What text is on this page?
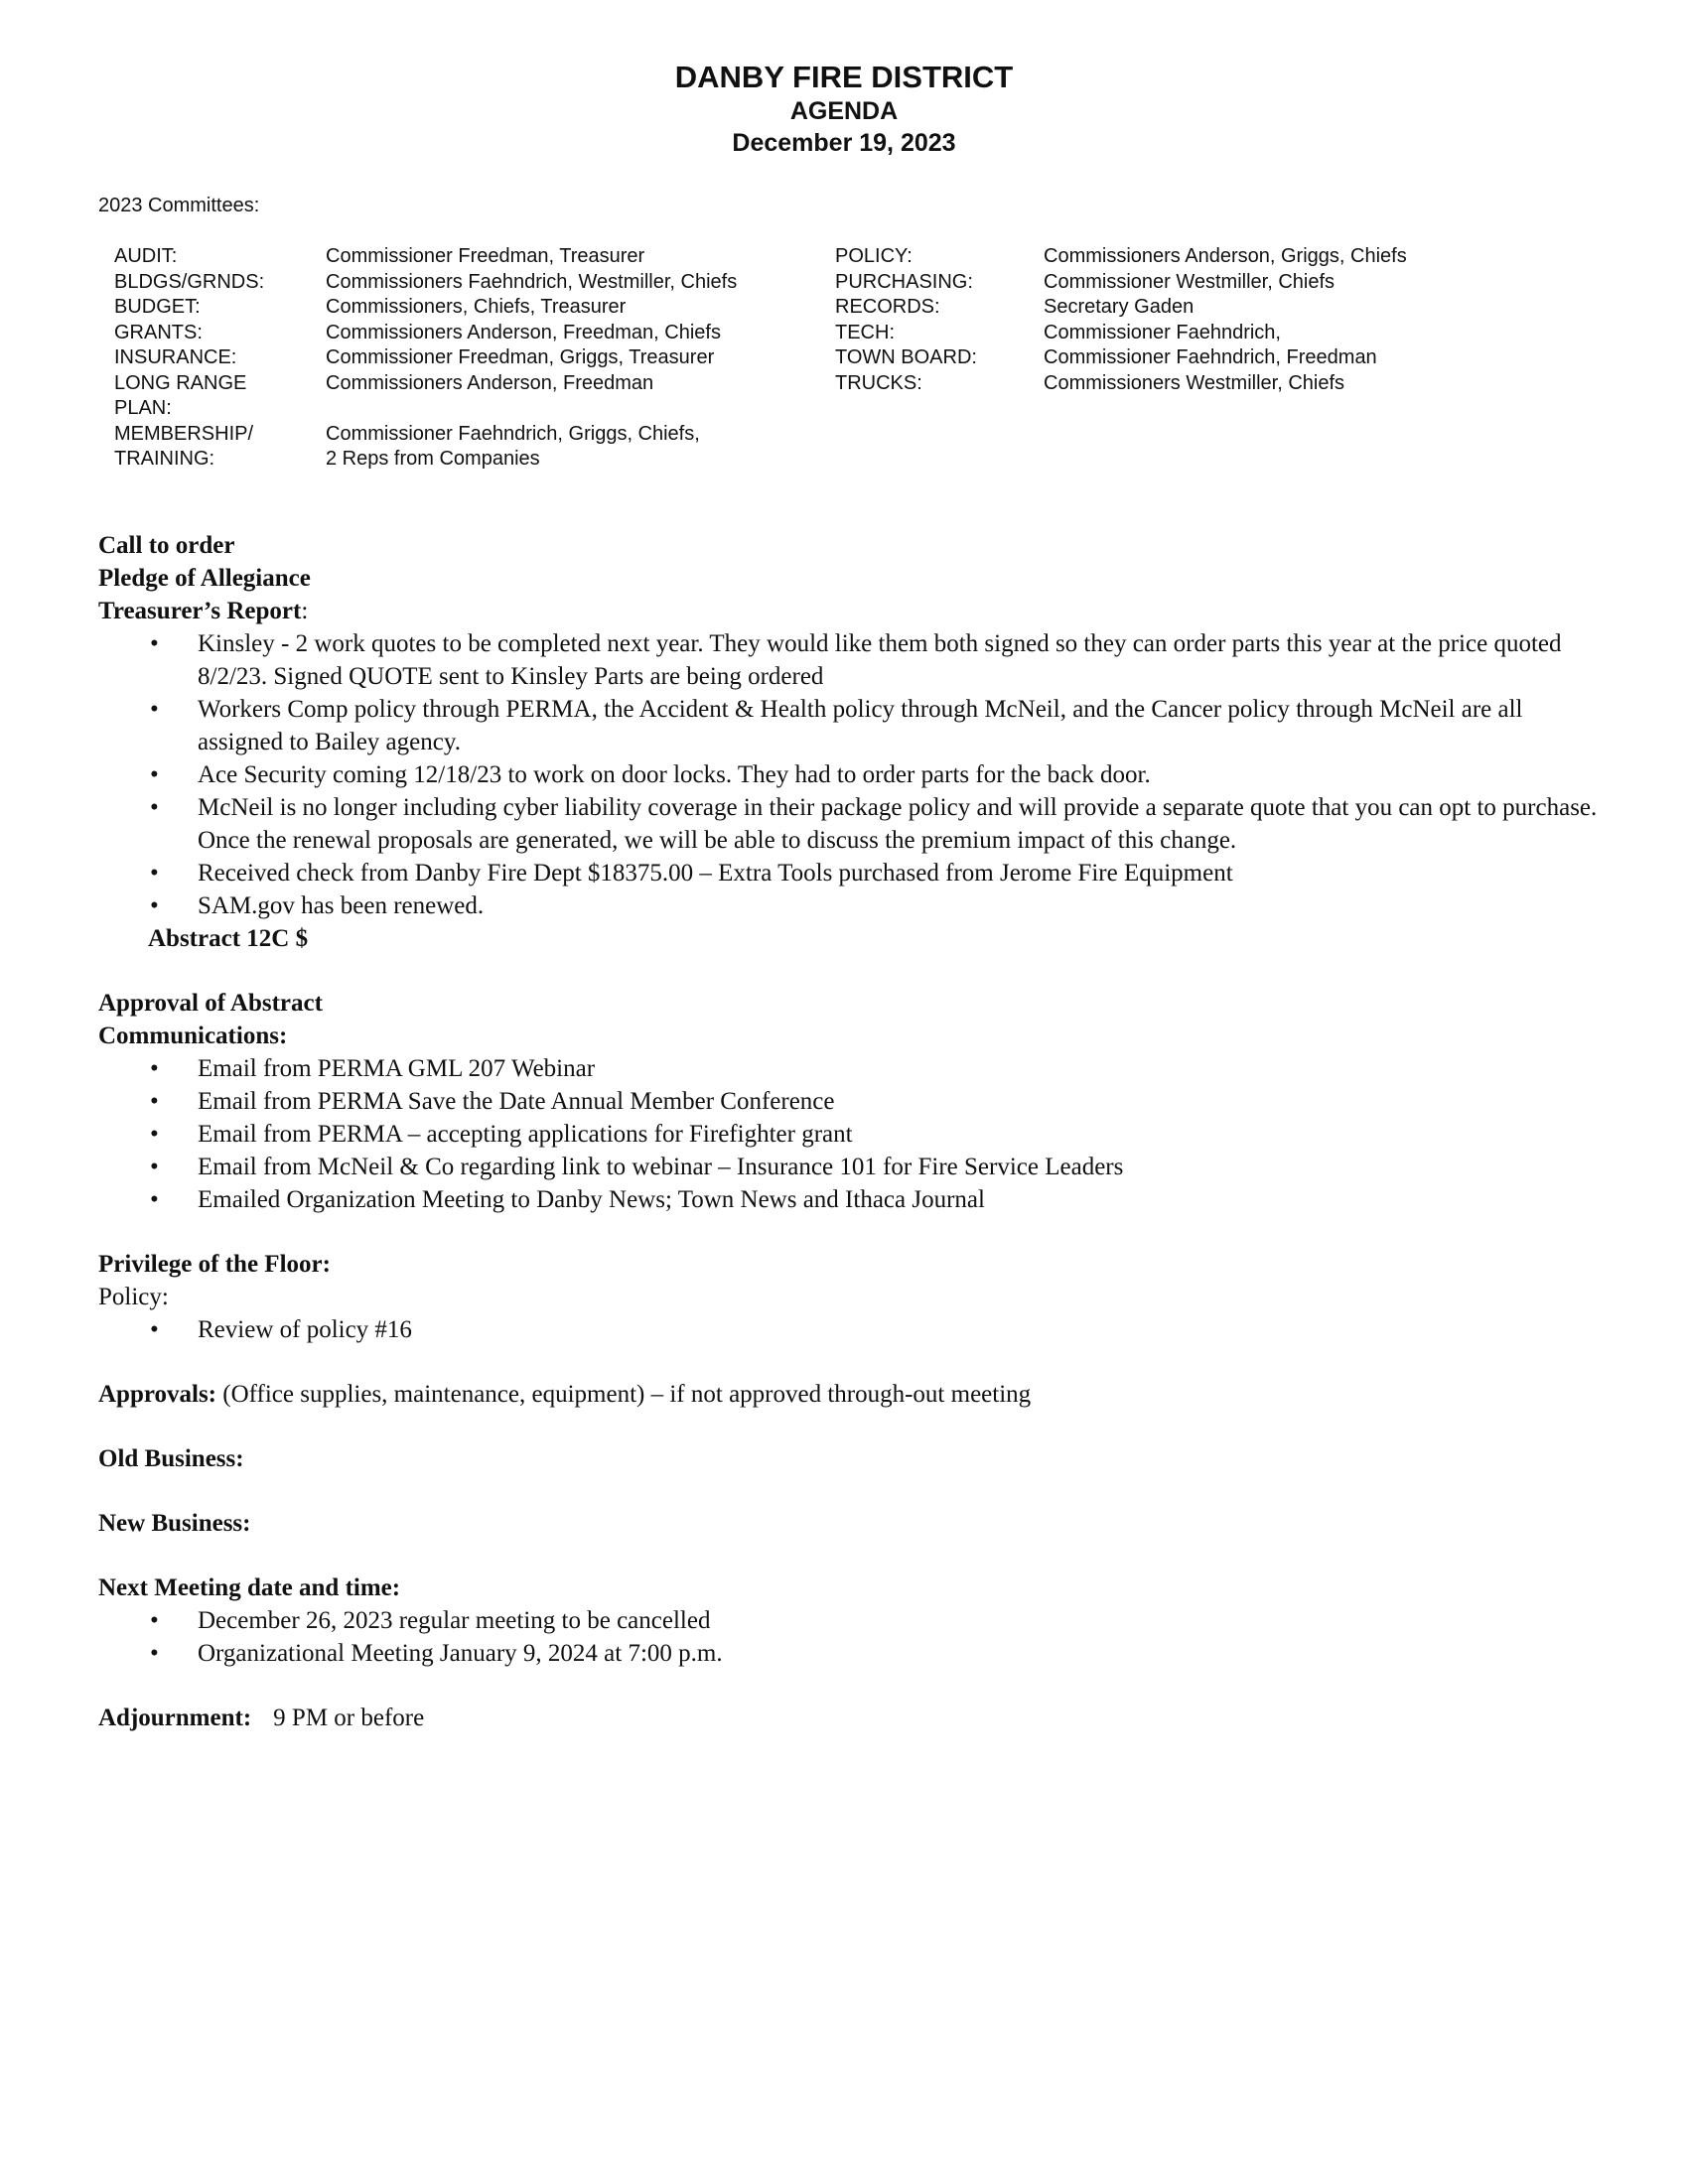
DANBY FIRE DISTRICT
AGENDA
December 19, 2023
2023 Committees:
AUDIT:	Commissioner Freedman, Treasurer	POLICY:	Commissioners Anderson, Griggs, Chiefs
BLDGS/GRNDS:	Commissioners Faehndrich, Westmiller, Chiefs	PURCHASING:	Commissioner Westmiller, Chiefs
BUDGET:	Commissioners, Chiefs, Treasurer	RECORDS:	Secretary Gaden
GRANTS:	Commissioners Anderson, Freedman, Chiefs	TECH:	Commissioner Faehndrich,
INSURANCE:	Commissioner Freedman, Griggs, Treasurer	TOWN BOARD:	Commissioner Faehndrich, Freedman
LONG RANGE	Commissioners Anderson, Freedman	TRUCKS:	Commissioners Westmiller, Chiefs
PLAN:
MEMBERSHIP/	Commissioner Faehndrich, Griggs, Chiefs,
TRAINING:	2 Reps from Companies
Call to order
Pledge of Allegiance
Treasurer’s Report:
• Kinsley - 2 work quotes to be completed next year. They would like them both signed so they can order parts this year at the price quoted 8/2/23. Signed QUOTE sent to Kinsley Parts are being ordered
• Workers Comp policy through PERMA, the Accident & Health policy through McNeil, and the Cancer policy through McNeil are all assigned to Bailey agency.
• Ace Security coming 12/18/23 to work on door locks. They had to order parts for the back door.
• McNeil is no longer including cyber liability coverage in their package policy and will provide a separate quote that you can opt to purchase. Once the renewal proposals are generated, we will be able to discuss the premium impact of this change.
• Received check from Danby Fire Dept $18375.00 – Extra Tools purchased from Jerome Fire Equipment
• SAM.gov has been renewed.
Abstract 12C $
Approval of Abstract
Communications:
• Email from PERMA GML 207 Webinar
• Email from PERMA Save the Date Annual Member Conference
• Email from PERMA – accepting applications for Firefighter grant
• Email from McNeil & Co regarding link to webinar – Insurance 101 for Fire Service Leaders
• Emailed Organization Meeting to Danby News; Town News and Ithaca Journal
Privilege of the Floor:
Policy:
• Review of policy #16
Approvals: (Office supplies, maintenance, equipment) – if not approved through-out meeting
Old Business:
New Business:
Next Meeting date and time:
• December 26, 2023 regular meeting to be cancelled
• Organizational Meeting January 9, 2024 at 7:00 p.m.
Adjournment: 9 PM or before
